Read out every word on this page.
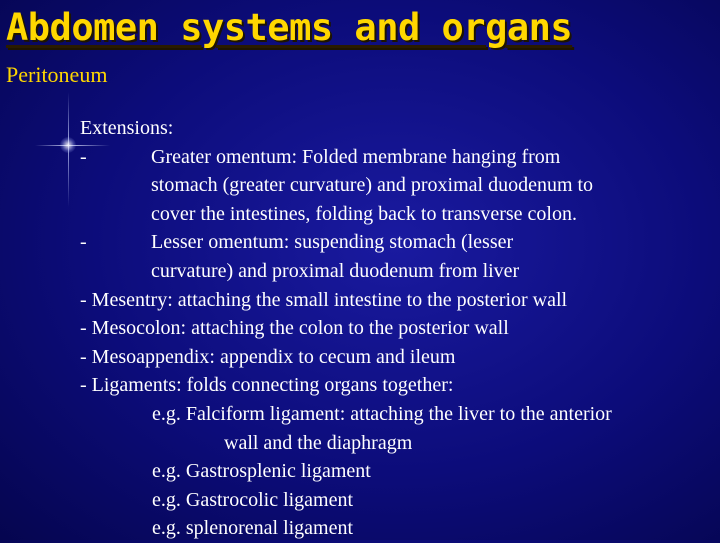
Abdomen systems and organs
Peritoneum
Extensions:
-	Greater omentum: Folded membrane hanging from
stomach (greater curvature) and proximal duodenum to
cover the intestines, folding back to transverse colon.
-	Lesser omentum: suspending stomach (lesser
curvature) and proximal duodenum from liver
- Mesentry: attaching the small intestine to the posterior wall
- Mesocolon: attaching the colon to the posterior wall
- Mesoappendix: appendix to cecum and ileum
- Ligaments: folds connecting organs together:
e.g. Falciform ligament: attaching the liver to the anterior
wall and the diaphragm
e.g. Gastrosplenic ligament
e.g. Gastrocolic ligament
e.g. splenorenal ligament
